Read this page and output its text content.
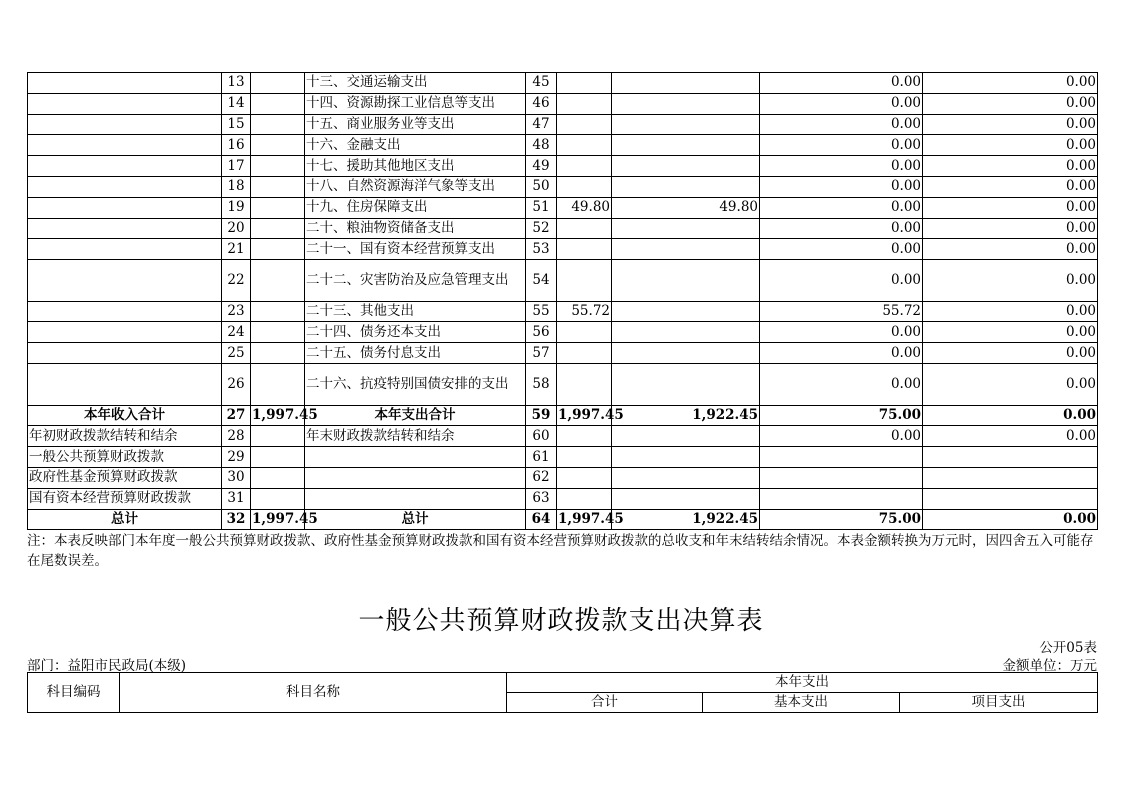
	13		十三、交通运输支出	45			0.00	0.00
	14		十四、资源勘探工业信息等支出	46			0.00	0.00
	15		十五、商业服务业等支出	47			0.00	0.00
	16		十六、金融支出	48			0.00	0.00
	17		十七、援助其他地区支出	49			0.00	0.00
	18		十八、自然资源海洋气象等支出	50			0.00	0.00
	19		十九、住房保障支出	51	49.80	49.80	0.00	0.00
	20		二十、粮油物资储备支出	52			0.00	0.00
	21		二十一、国有资本经营预算支出	53			0.00	0.00
	22		二十二、灾害防治及应急管理支出	54			0.00	0.00
	23		二十三、其他支出	55	55.72		55.72	0.00
	24		二十四、债务还本支出	56			0.00	0.00
	25		二十五、债务付息支出	57			0.00	0.00
	26		二十六、抗疫特别国债安排的支出	58			0.00	0.00
本年收入合计	27	1,997.45	本年支出合计	59	1,997.45	1,922.45	75.00	0.00
年初财政拨款结转和结余	28		年末财政拨款结转和结余	60			0.00	0.00
一般公共预算财政拨款	29			61				
政府性基金预算财政拨款	30			62				
国有资本经营预算财政拨款	31			63				
总计	32	1,997.45	总计	64	1,997.45	1,922.45	75.00	0.00
注：本表反映部门本年度一般公共预算财政拨款、政府性基金预算财政拨款和国有资本经营预算财政拨款的总收支和年末结转结余情况。本表金额转换为万元时，因四舍五入可能存在尾数误差。
一般公共预算财政拨款支出决算表
公开05表
部门：益阳市民政局(本级)	金额单位：万元
科目编码	科目名称	本年支出		
		合计	基本支出	项目支出
